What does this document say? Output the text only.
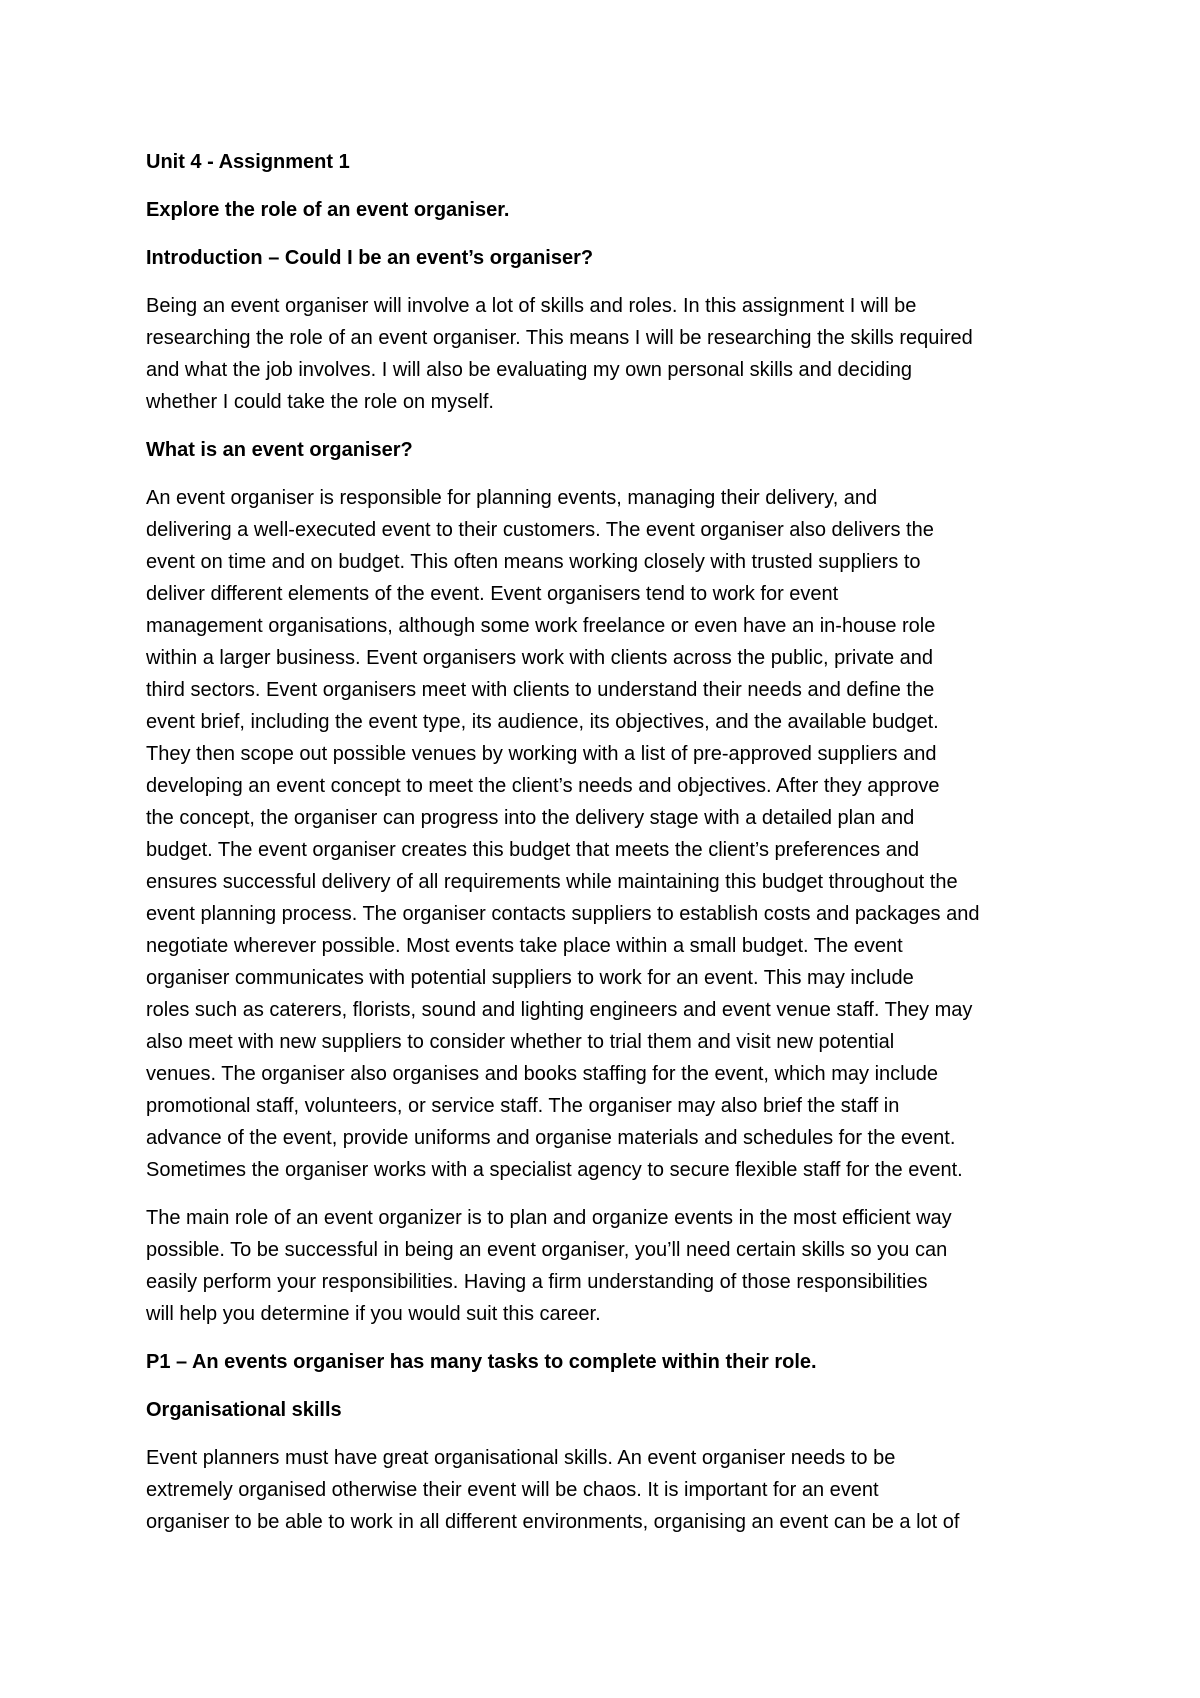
Unit 4 - Assignment 1
Explore the role of an event organiser.
Introduction – Could I be an event’s organiser?
Being an event organiser will involve a lot of skills and roles. In this assignment I will be
researching the role of an event organiser. This means I will be researching the skills required
and what the job involves. I will also be evaluating my own personal skills and deciding
whether I could take the role on myself.
What is an event organiser?
An event organiser is responsible for planning events, managing their delivery, and
delivering a well-executed event to their customers. The event organiser also delivers the
event on time and on budget. This often means working closely with trusted suppliers to
deliver different elements of the event. Event organisers tend to work for event
management organisations, although some work freelance or even have an in-house role
within a larger business. Event organisers work with clients across the public, private and
third sectors. Event organisers meet with clients to understand their needs and define the
event brief, including the event type, its audience, its objectives, and the available budget.
They then scope out possible venues by working with a list of pre-approved suppliers and
developing an event concept to meet the client’s needs and objectives. After they approve
the concept, the organiser can progress into the delivery stage with a detailed plan and
budget. The event organiser creates this budget that meets the client’s preferences and
ensures successful delivery of all requirements while maintaining this budget throughout the
event planning process. The organiser contacts suppliers to establish costs and packages and
negotiate wherever possible. Most events take place within a small budget. The event
organiser communicates with potential suppliers to work for an event. This may include
roles such as caterers, florists, sound and lighting engineers and event venue staff. They may
also meet with new suppliers to consider whether to trial them and visit new potential
venues. The organiser also organises and books staffing for the event, which may include
promotional staff, volunteers, or service staff. The organiser may also brief the staff in
advance of the event, provide uniforms and organise materials and schedules for the event.
Sometimes the organiser works with a specialist agency to secure flexible staff for the event.
The main role of an event organizer is to plan and organize events in the most efficient way
possible. To be successful in being an event organiser, you’ll need certain skills so you can
easily perform your responsibilities. Having a firm understanding of those responsibilities
will help you determine if you would suit this career.
P1 – An events organiser has many tasks to complete within their role.
Organisational skills
Event planners must have great organisational skills. An event organiser needs to be
extremely organised otherwise their event will be chaos. It is important for an event
organiser to be able to work in all different environments, organising an event can be a lot of
